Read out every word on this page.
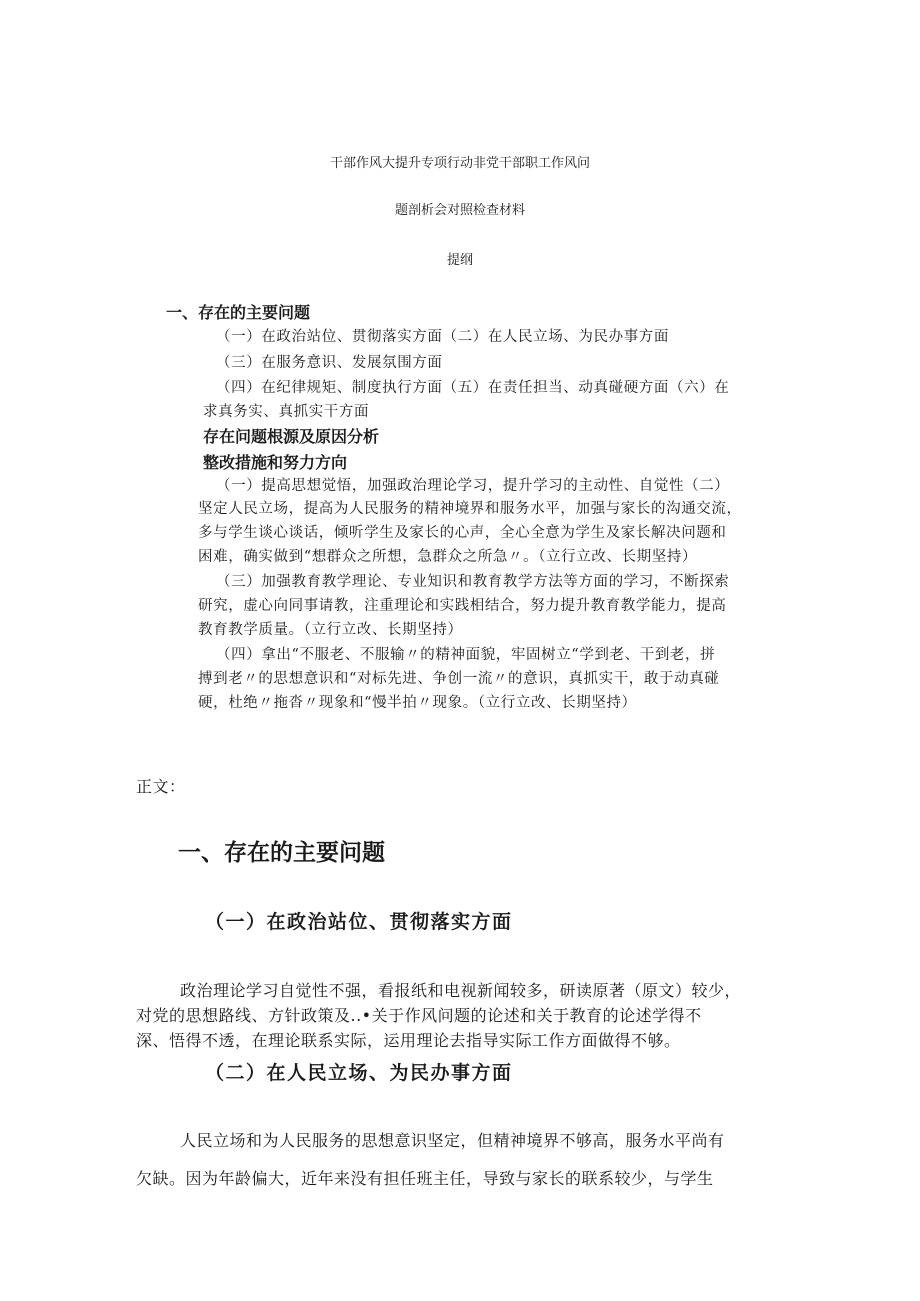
干部作风大提升专项行动非党干部职工作风问
题剖析会对照检查材料
提纲

一、存在的主要问题

（一）在政治站位、贯彻落实方面（二）在人民立场、为民办事方面

（三）在服务意识、发展氛围方面

（四）在纪律规矩、制度执行方面（五）在责任担当、动真碰硬方面（六）在

求真务实、真抓实干方面

存在问题根源及原因分析

整改措施和努力方向

（一）提高思想觉悟，加强政治理论学习，提升学习的主动性、自觉性（二）

坚定人民立场，提高为人民服务的精神境界和服务水平，加强与家长的沟通交流，

多与学生谈心谈话，倾听学生及家长的心声，全心全意为学生及家长解决问题和

困难，确实做到“想群众之所想，急群众之所急〃。（立行立改、长期坚持）

（三）加强教育教学理论、专业知识和教育教学方法等方面的学习，不断探索

研究，虚心向同事请教，注重理论和实践相结合，努力提升教育教学能力，提高

教育教学质量。（立行立改、长期坚持）

（四）拿出“不服老、不服输〃的精神面貌，牢固树立“学到老、干到老，拼

搏到老〃的思想意识和“对标先进、争创一流〃的意识，真抓实干，敢于动真碰

硬，杜绝〃拖沓〃现象和“慢半拍〃现象。（立行立改、长期坚持）

正文：

一、存在的主要问题
（一）在政治站位、贯彻落实方面

政治理论学习自觉性不强，看报纸和电视新闻较多，研读原著（原文）较少，

对党的思想路线、方针政策及..•关于作风问题的论述和关于教育的论述学得不

深、悟得不透，在理论联系实际，运用理论去指导实际工作方面做得不够。

（二）在人民立场、为民办事方面

人民立场和为人民服务的思想意识坚定，但精神境界不够高，服务水平尚有

欠缺。因为年龄偏大，近年来没有担任班主任，导致与家长的联系较少，与学生
